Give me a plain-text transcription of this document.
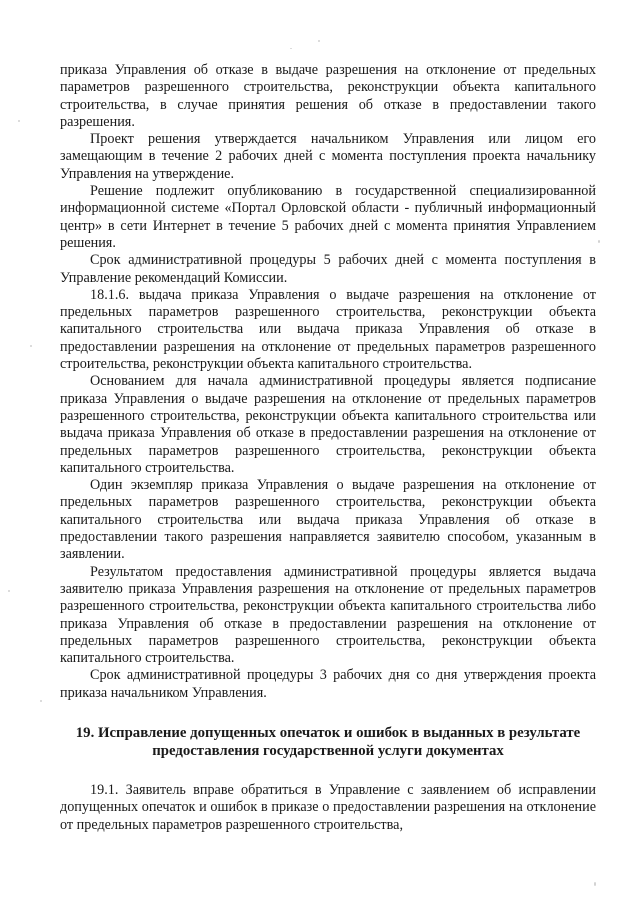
приказа Управления об отказе в выдаче разрешения на отклонение от предельных параметров разрешенного строительства, реконструкции объекта капитального строительства, в случае принятия решения об отказе в предоставлении такого разрешения.

Проект решения утверждается начальником Управления или лицом его замещающим в течение 2 рабочих дней с момента поступления проекта начальнику Управления на утверждение.

Решение подлежит опубликованию в государственной специализированной информационной системе «Портал Орловской области - публичный информационный центр» в сети Интернет в течение 5 рабочих дней с момента принятия Управлением решения.

Срок административной процедуры 5 рабочих дней с момента поступления в Управление рекомендаций Комиссии.

18.1.6. выдача приказа Управления о выдаче разрешения на отклонение от предельных параметров разрешенного строительства, реконструкции объекта капитального строительства или выдача приказа Управления об отказе в предоставлении разрешения на отклонение от предельных параметров разрешенного строительства, реконструкции объекта капитального строительства.

Основанием для начала административной процедуры является подписание приказа Управления о выдаче разрешения на отклонение от предельных параметров разрешенного строительства, реконструкции объекта капитального строительства или выдача приказа Управления об отказе в предоставлении разрешения на отклонение от предельных параметров разрешенного строительства, реконструкции объекта капитального строительства.

Один экземпляр приказа Управления о выдаче разрешения на отклонение от предельных параметров разрешенного строительства, реконструкции объекта капитального строительства или выдача приказа Управления об отказе в предоставлении такого разрешения направляется заявителю способом, указанным в заявлении.

Результатом предоставления административной процедуры является выдача заявителю приказа Управления разрешения на отклонение от предельных параметров разрешенного строительства, реконструкции объекта капитального строительства либо приказа Управления об отказе в предоставлении разрешения на отклонение от предельных параметров разрешенного строительства, реконструкции объекта капитального строительства.

Срок административной процедуры 3 рабочих дня со дня утверждения проекта приказа начальником Управления.

19. Исправление допущенных опечаток и ошибок в выданных в результате
предоставления государственной услуги документах

19.1. Заявитель вправе обратиться в Управление с заявлением об исправлении допущенных опечаток и ошибок в приказе о предоставлении разрешения на отклонение от предельных параметров разрешенного строительства,
